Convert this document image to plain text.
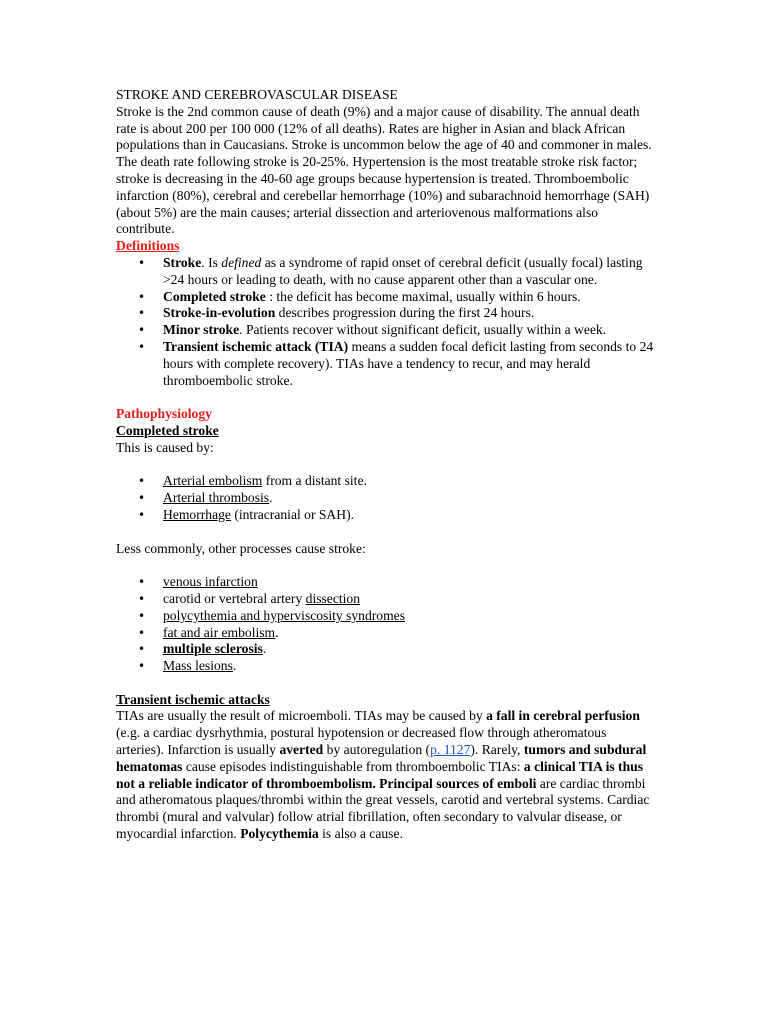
STROKE AND CEREBROVASCULAR DISEASE

Stroke is the 2nd common cause of death (9%) and a major cause of disability. The annual death rate is about 200 per 100 000 (12% of all deaths). Rates are higher in Asian and black African populations than in Caucasians. Stroke is uncommon below the age of 40 and commoner in males. The death rate following stroke is 20-25%. Hypertension is the most treatable stroke risk factor; stroke is decreasing in the 40-60 age groups because hypertension is treated. Thromboembolic infarction (80%), cerebral and cerebellar hemorrhage (10%) and subarachnoid hemorrhage (SAH) (about 5%) are the main causes; arterial dissection and arteriovenous malformations also contribute.

Definitions

• Stroke. Is defined as a syndrome of rapid onset of cerebral deficit (usually focal) lasting >24 hours or leading to death, with no cause apparent other than a vascular one.
• Completed stroke : the deficit has become maximal, usually within 6 hours.
• Stroke-in-evolution describes progression during the first 24 hours.
• Minor stroke. Patients recover without significant deficit, usually within a week.
• Transient ischemic attack (TIA) means a sudden focal deficit lasting from seconds to 24 hours with complete recovery). TIAs have a tendency to recur, and may herald thromboembolic stroke.

Pathophysiology

Completed stroke

This is caused by:

• Arterial embolism from a distant site.
• Arterial thrombosis.
• Hemorrhage (intracranial or SAH).

Less commonly, other processes cause stroke:

• venous infarction
• carotid or vertebral artery dissection
• polycythemia and hyperviscosity syndromes
• fat and air embolism.
• multiple sclerosis.
• Mass lesions.

Transient ischemic attacks

TIAs are usually the result of microemboli. TIAs may be caused by a fall in cerebral perfusion (e.g. a cardiac dysrhythmia, postural hypotension or decreased flow through atheromatous arteries). Infarction is usually averted by autoregulation (p. 1127). Rarely, tumors and subdural hematomas cause episodes indistinguishable from thromboembolic TIAs: a clinical TIA is thus not a reliable indicator of thromboembolism. Principal sources of emboli are cardiac thrombi and atheromatous plaques/thrombi within the great vessels, carotid and vertebral systems. Cardiac thrombi (mural and valvular) follow atrial fibrillation, often secondary to valvular disease, or myocardial infarction. Polycythemia is also a cause.
